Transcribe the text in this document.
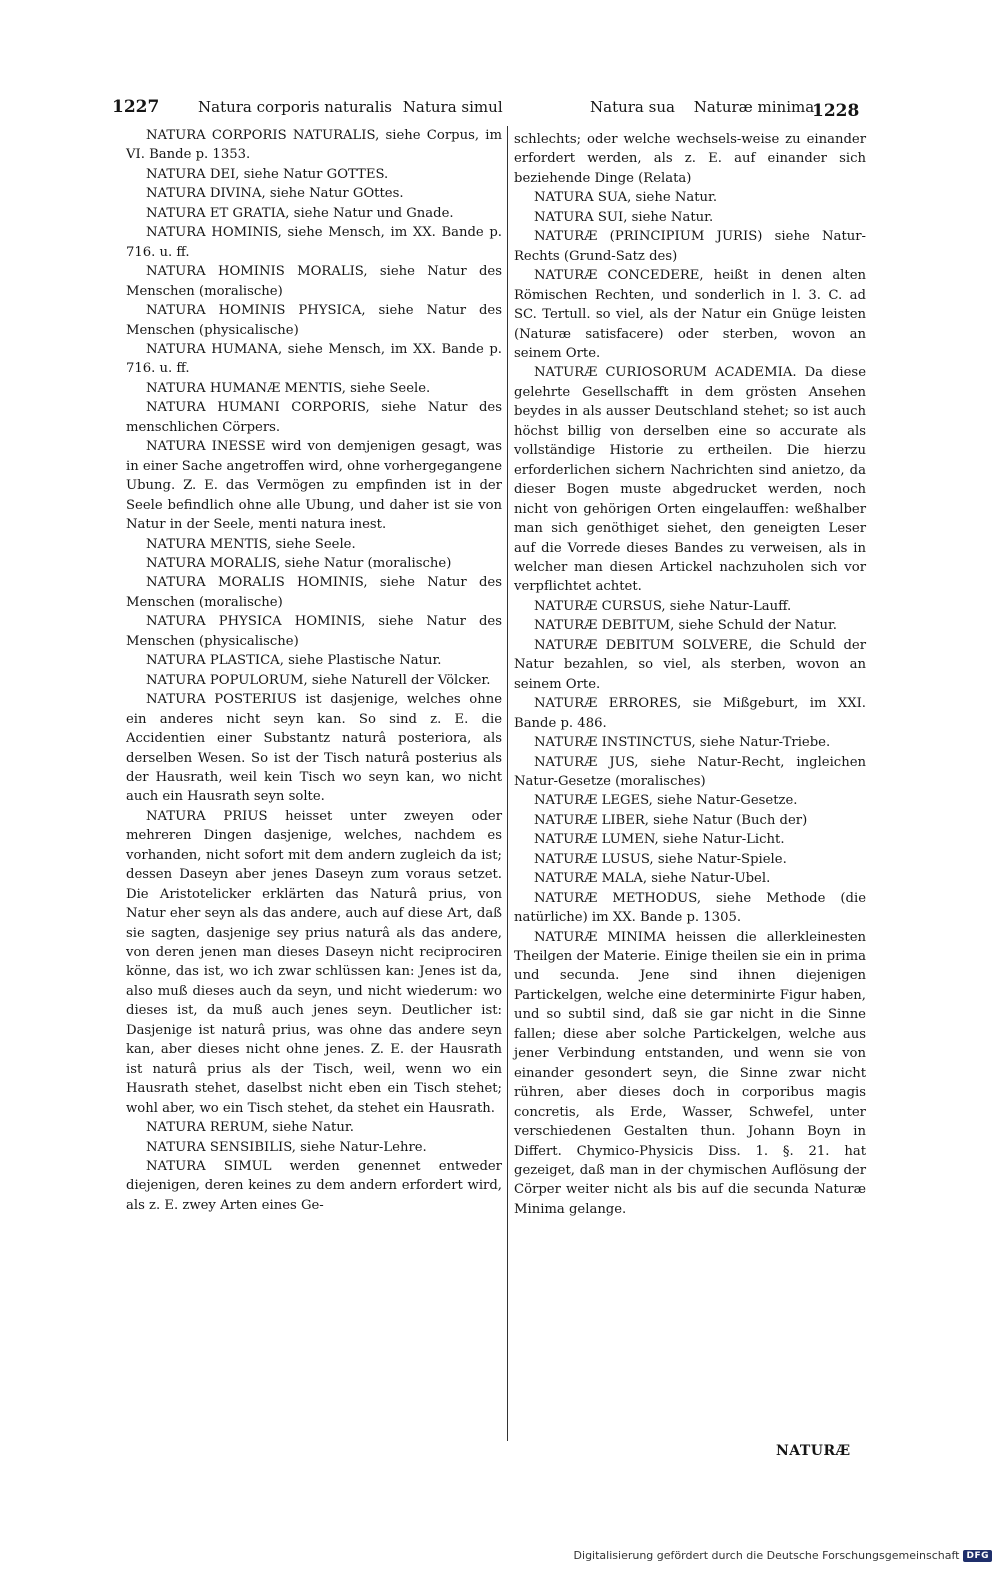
1227	Natura corporis naturalis Natura simul	Natura sua Naturæ minima
1228

NATURA CORPORIS NATURALIS, siehe Corpus, im VI. Bande p. 1353.

NATURA DEI, siehe Natur GOTTES.

NATURA DIVINA, siehe Natur GOttes.

NATURA ET GRATIA, siehe Natur und Gnade.

NATURA HOMINIS, siehe Mensch, im XX. Bande p. 716. u. ff.

NATURA HOMINIS MORALIS, siehe Natur des Menschen (moralische)

NATURA HOMINIS PHYSICA, siehe Natur des Menschen (physicalische)

NATURA HUMANA, siehe Mensch, im XX. Bande p. 716. u. ff.

NATURA HUMANÆ MENTIS, siehe Seele.

NATURA HUMANI CORPORIS, siehe Natur des menschlichen Cörpers.

NATURA INESSE wird von demjenigen gesagt, was in einer Sache angetroffen wird, ohne vorhergegangene Ubung. Z. E. das Vermögen zu empfinden ist in der Seele befindlich ohne alle Ubung, und daher ist sie von Natur in der Seele, menti natura inest.

NATURA MENTIS, siehe Seele.

NATURA MORALIS, siehe Natur (moralische)

NATURA MORALIS HOMINIS, siehe Natur des Menschen (moralische)

NATURA PHYSICA HOMINIS, siehe Natur des Menschen (physicalische)

NATURA PLASTICA, siehe Plastische Natur.

NATURA POPULORUM, siehe Naturell der Völcker.

NATURA POSTERIUS ist dasjenige, welches ohne ein anderes nicht seyn kan. So sind z. E. die Accidentien einer Substantz naturâ posteriora, als derselben Wesen. So ist der Tisch naturâ posterius als der Hausrath, weil kein Tisch wo seyn kan, wo nicht auch ein Hausrath seyn solte.

NATURA PRIUS heisset unter zweyen oder mehreren Dingen dasjenige, welches, nachdem es vorhanden, nicht sofort mit dem andern zugleich da ist; dessen Daseyn aber jenes Daseyn zum voraus setzet. Die Aristotelicker erklärten das Naturâ prius, von Natur eher seyn als das andere, auch auf diese Art, daß sie sagten, dasjenige sey prius naturâ als das andere, von deren jenen man dieses Daseyn nicht reciprociren könne, das ist, wo ich zwar schlüssen kan: Jenes ist da, also muß dieses auch da seyn, und nicht wiederum: wo dieses ist, da muß auch jenes seyn. Deutlicher ist: Dasjenige ist naturâ prius, was ohne das andere seyn kan, aber dieses nicht ohne jenes. Z. E. der Hausrath ist naturâ prius als der Tisch, weil, wenn wo ein Hausrath stehet, daselbst nicht eben ein Tisch stehet; wohl aber, wo ein Tisch stehet, da stehet ein Hausrath.

NATURA RERUM, siehe Natur.

NATURA SENSIBILIS, siehe Natur-Lehre.

NATURA SIMUL werden genennet entweder diejenigen, deren keines zu dem andern erfordert wird, als z. E. zwey Arten eines Ge-

schlechts; oder welche wechsels-weise zu einander erfordert werden, als z. E. auf einander sich beziehende Dinge (Relata)

NATURA SUA, siehe Natur.

NATURA SUI, siehe Natur.

NATURÆ (PRINCIPIUM JURIS) siehe Natur-Rechts (Grund-Satz des)

NATURÆ CONCEDERE, heißt in denen alten Römischen Rechten, und sonderlich in l. 3. C. ad SC. Tertull. so viel, als der Natur ein Gnüge leisten (Naturæ satisfacere) oder sterben, wovon an seinem Orte.

NATURÆ CURIOSORUM ACADEMIA. Da diese gelehrte Gesellschafft in dem grösten Ansehen beydes in als ausser Deutschland stehet; so ist auch höchst billig von derselben eine so accurate als vollständige Historie zu ertheilen. Die hierzu erforderlichen sichern Nachrichten sind anietzo, da dieser Bogen muste abgedrucket werden, noch nicht von gehörigen Orten eingelauffen: weßhalber man sich genöthiget siehet, den geneigten Leser auf die Vorrede dieses Bandes zu verweisen, als in welcher man diesen Artickel nachzuholen sich vor verpflichtet achtet.

NATURÆ CURSUS, siehe Natur-Lauff.

NATURÆ DEBITUM, siehe Schuld der Natur.

NATURÆ DEBITUM SOLVERE, die Schuld der Natur bezahlen, so viel, als sterben, wovon an seinem Orte.

NATURÆ ERRORES, sie Mißgeburt, im XXI. Bande p. 486.

NATURÆ INSTINCTUS, siehe Natur-Triebe.

NATURÆ JUS, siehe Natur-Recht, ingleichen Natur-Gesetze (moralisches)

NATURÆ LEGES, siehe Natur-Gesetze.

NATURÆ LIBER, siehe Natur (Buch der)

NATURÆ LUMEN, siehe Natur-Licht.

NATURÆ LUSUS, siehe Natur-Spiele.

NATURÆ MALA, siehe Natur-Ubel.

NATURÆ METHODUS, siehe Methode (die natürliche) im XX. Bande p. 1305.

NATURÆ MINIMA heissen die allerkleinesten Theilgen der Materie. Einige theilen sie ein in prima und secunda. Jene sind ihnen diejenigen Partickelgen, welche eine determinirte Figur haben, und so subtil sind, daß sie gar nicht in die Sinne fallen; diese aber solche Partickelgen, welche aus jener Verbindung entstanden, und wenn sie von einander gesondert seyn, die Sinne zwar nicht rühren, aber dieses doch in corporibus magis concretis, als Erde, Wasser, Schwefel, unter verschiedenen Gestalten thun. Johann Boyn in Differt. Chymico-Physicis Diss. 1. §. 21. hat gezeiget, daß man in der chymischen Auflösung der Cörper weiter nicht als bis auf die secunda Naturæ Minima gelange.

NATURÆ
Digitalisierung gefördert durch die Deutsche Forschungsgemeinschaft DFG
